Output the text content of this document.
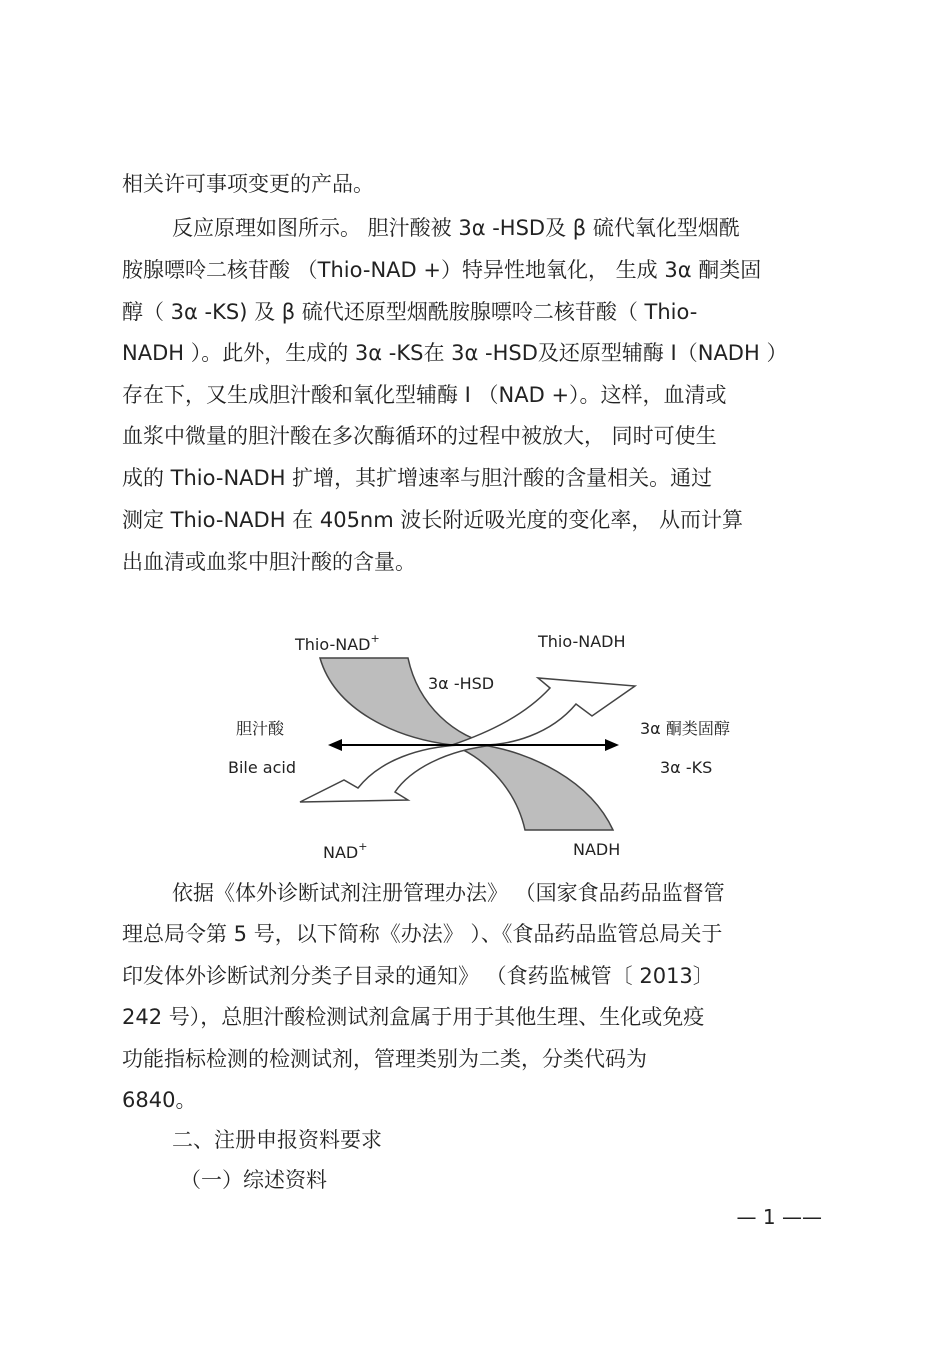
相关许可事项变更的产品。
反应原理如图所示。 胆汁酸被 3α -HSD及 β 硫代氧化型烟酰
胺腺嘌呤二核苷酸 （Thio-NAD +）特异性地氧化， 生成 3α 酮类固
醇（ 3α -KS) 及 β 硫代还原型烟酰胺腺嘌呤二核苷酸（ Thio-
NADH ）。此外，生成的 3α -KS在 3α -HSD及还原型辅酶 I（NADH ）
存在下，又生成胆汁酸和氧化型辅酶 I （NAD +）。这样，血清或
血浆中微量的胆汁酸在多次酶循环的过程中被放大， 同时可使生
成的 Thio-NADH 扩增，其扩增速率与胆汁酸的含量相关。通过
测定 Thio-NADH 在 405nm 波长附近吸光度的变化率， 从而计算
出血清或血浆中胆汁酸的含量。
Thio-NAD+	Thio-NADH
3α -HSD
胆汁酸	3α 酮类固醇
Bile acid	3α -KS
NAD+	NADH
依据《体外诊断试剂注册管理办法》 （国家食品药品监督管
理总局令第 5 号，以下简称《办法》 ）、《食品药品监管总局关于
印发体外诊断试剂分类子目录的通知》 （食药监械管〔 2013〕
242 号），总胆汁酸检测试剂盒属于用于其他生理、生化或免疫
功能指标检测的检测试剂，管理类别为二类，分类代码为
6840。
二、注册申报资料要求
（一）综述资料
— 1 ——
